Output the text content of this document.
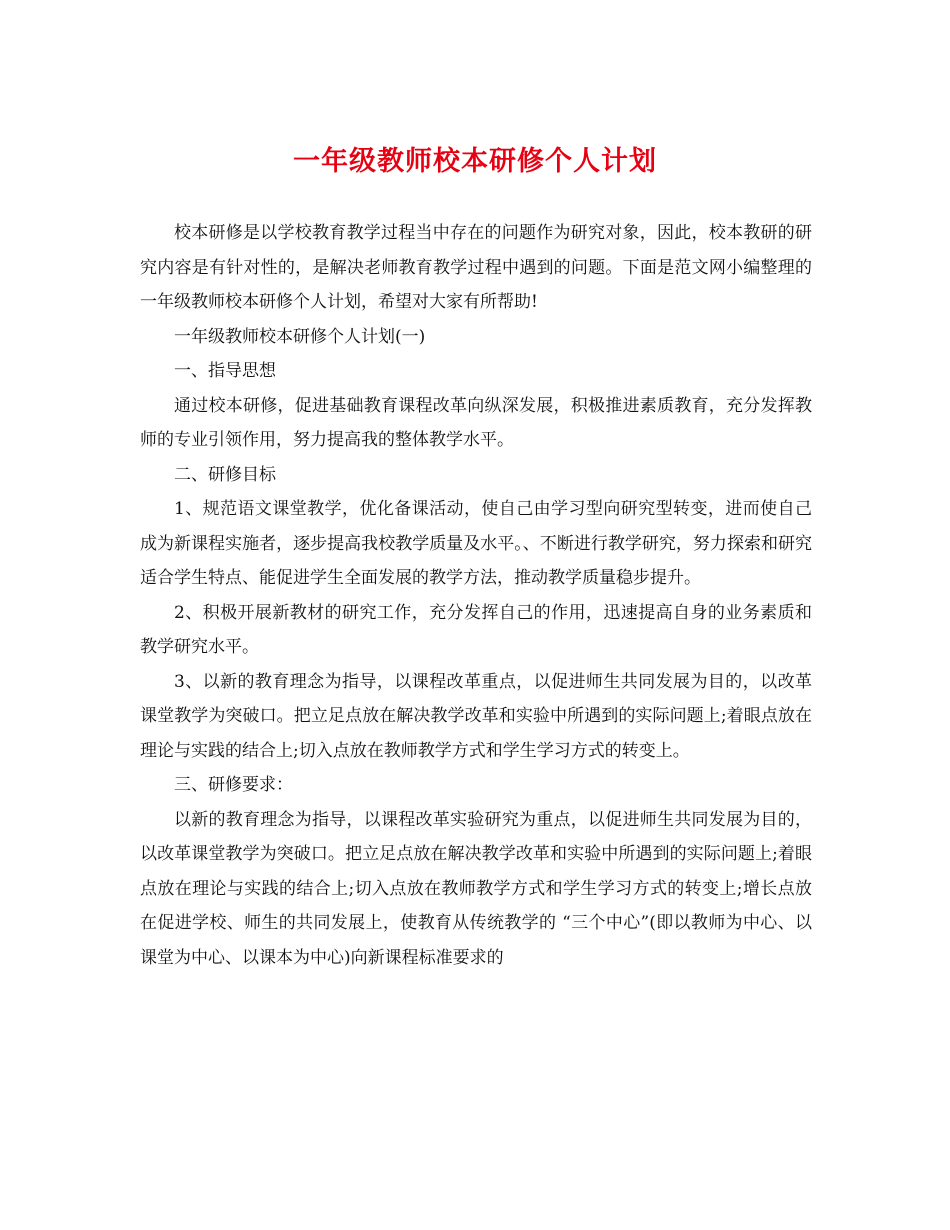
一年级教师校本研修个人计划

校本研修是以学校教育教学过程当中存在的问题作为研究对象，因此，校本教研的研究内容是有针对性的，是解决老师教育教学过程中遇到的问题。下面是范文网小编整理的一年级教师校本研修个人计划，希望对大家有所帮助!

一年级教师校本研修个人计划(一)

一、指导思想

通过校本研修，促进基础教育课程改革向纵深发展，积极推进素质教育，充分发挥教师的专业引领作用，努力提高我的整体教学水平。

二、研修目标

1、规范语文课堂教学，优化备课活动，使自己由学习型向研究型转变，进而使自己成为新课程实施者，逐步提高我校教学质量及水平。、不断进行教学研究，努力探索和研究适合学生特点、能促进学生全面发展的教学方法，推动教学质量稳步提升。

2、积极开展新教材的研究工作，充分发挥自己的作用，迅速提高自身的业务素质和教学研究水平。

3、以新的教育理念为指导，以课程改革重点，以促进师生共同发展为目的，以改革课堂教学为突破口。把立足点放在解决教学改革和实验中所遇到的实际问题上;着眼点放在理论与实践的结合上;切入点放在教师教学方式和学生学习方式的转变上。

三、研修要求：

以新的教育理念为指导，以课程改革实验研究为重点，以促进师生共同发展为目的，以改革课堂教学为突破口。把立足点放在解决教学改革和实验中所遇到的实际问题上;着眼点放在理论与实践的结合上;切入点放在教师教学方式和学生学习方式的转变上;增长点放在促进学校、师生的共同发展上，使教育从传统教学的 “三个中心”(即以教师为中心、以课堂为中心、以课本为中心)向新课程标准要求的
